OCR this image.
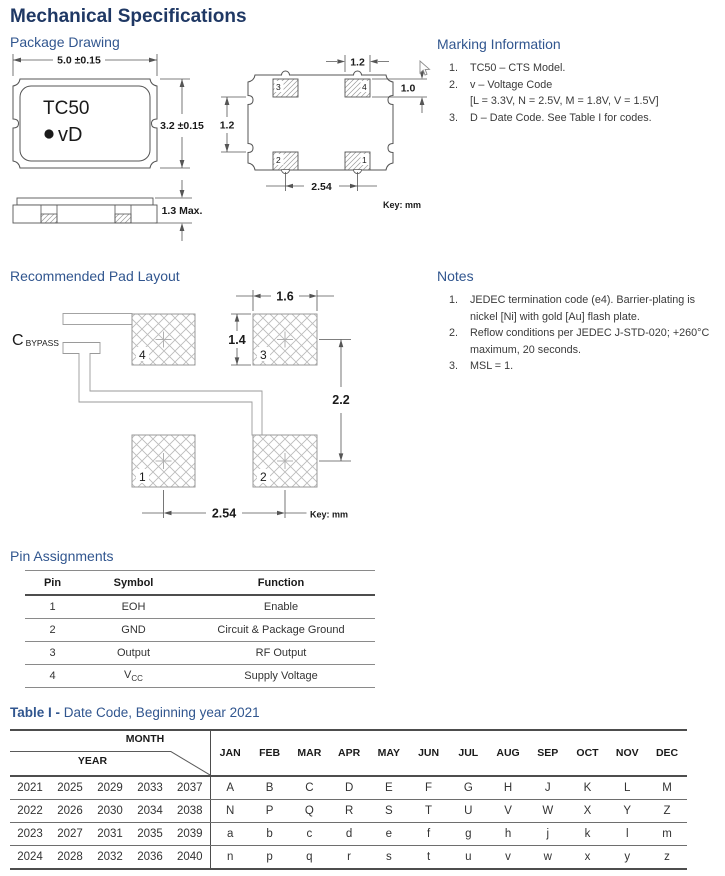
Mechanical Specifications
Package Drawing	Marking Information
Recommended Pad Layout	Notes
Pin Assignments
TC50
vD
5.0 ±0.15
3.2 ±0.15
1.3 Max.
3	4
2	1
1.2
1.0
1.2
2.54
Key: mm
1.	TC50 – CTS Model.
2.	v – Voltage Code
[L = 3.3V, N = 2.5V, M = 1.8V, V = 1.5V]
3.	D – Date Code. See Table I for codes.
CBYPASS
4	3
1	2
1.6
1.4
2.2
2.54	Key: mm
1.	JEDEC termination code (e4). Barrier-plating is
nickel [Ni] with gold [Au] flash plate.
2.	Reflow conditions per JEDEC J-STD-020; +260°C
maximum, 20 seconds.
3.	MSL = 1.
Pin	Symbol	Function
1	EOH	Enable
2	GND	Circuit & Package Ground
3	Output	RF Output
4	$V_{CC}$	Supply Voltage
Table I - Date Code, Beginning year 2021
MONTH
YEAR					JAN	FEB	MAR	APR	MAY	JUN	JUL	AUG	SEP	OCT	NOV	DEC
2021	2025	2029	2033	2037	A	B	C	D	E	F	G	H	J	K	L	M
2022	2026	2030	2034	2038	N	P	Q	R	S	T	U	V	W	X	Y	Z
2023	2027	2031	2035	2039	a	b	c	d	e	f	g	h	j	k	l	m
2024	2028	2032	2036	2040	n	p	q	r	s	t	u	v	w	x	y	z
